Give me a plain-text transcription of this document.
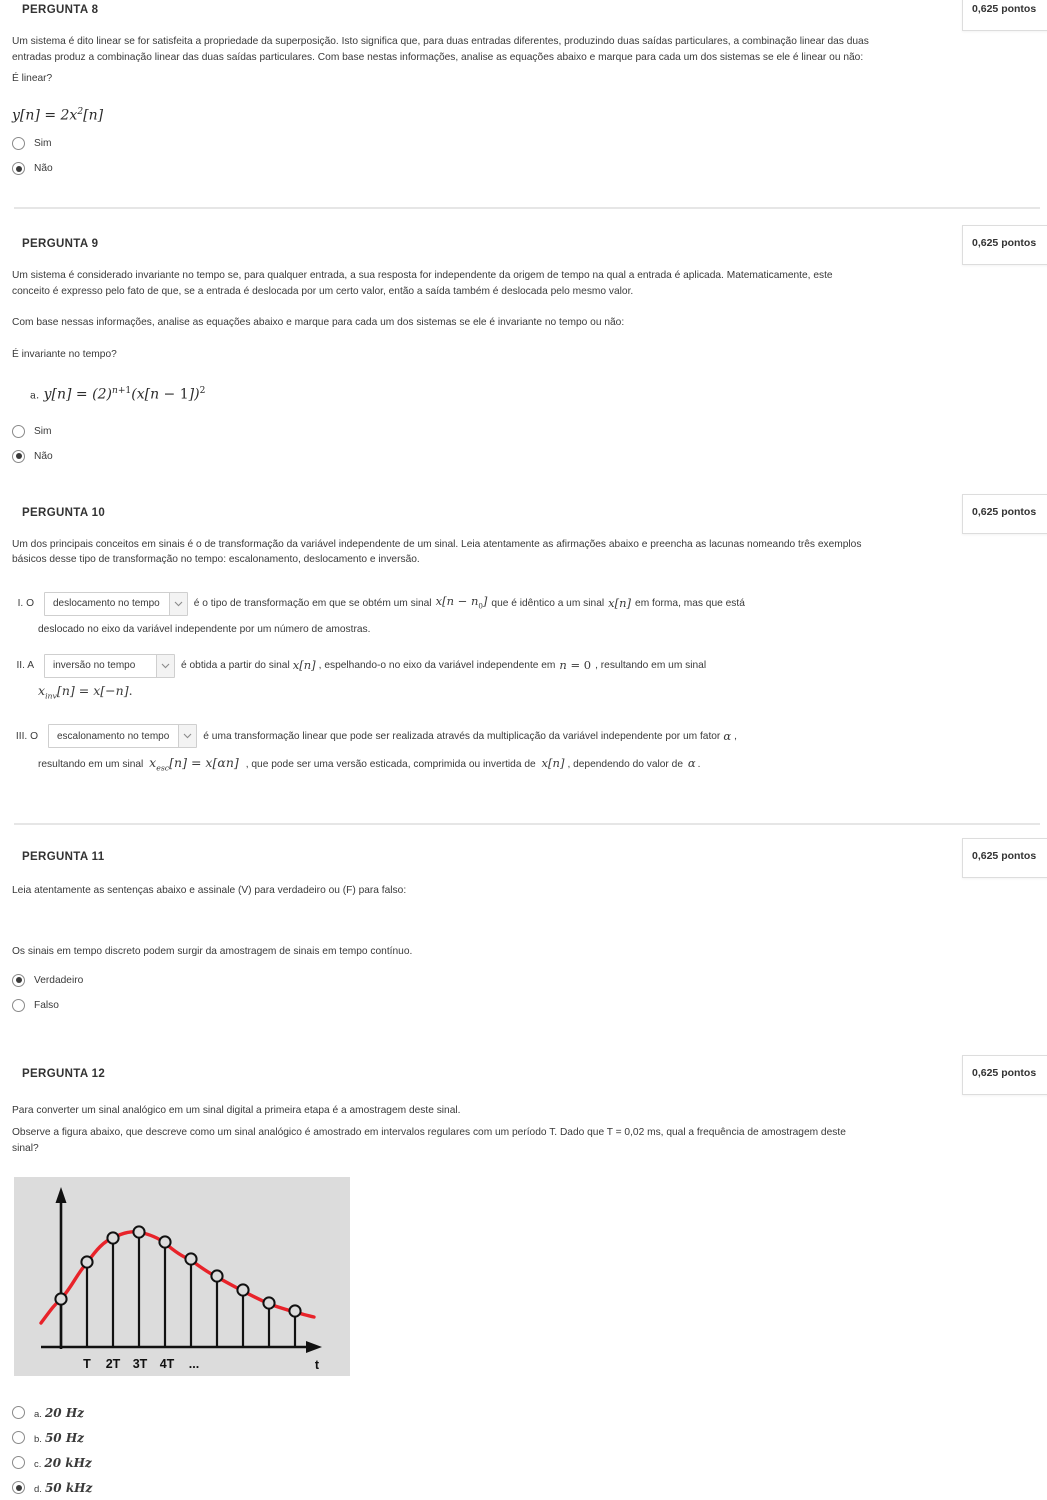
PERGUNTA 8	0,625 pontos
Um sistema é dito linear se for satisfeita a propriedade da superposição. Isto significa que, para duas entradas diferentes, produzindo duas saídas particulares, a combinação linear das duas entradas produz a combinação linear das duas saídas particulares. Com base nestas informações, analise as equações abaixo e marque para cada um dos sistemas se ele é linear ou não:
É linear?
$y[n] = 2x^2[n]$
Sim
Não
PERGUNTA 9	0,625 pontos
Um sistema é considerado invariante no tempo se, para qualquer entrada, a sua resposta for independente da origem de tempo na qual a entrada é aplicada. Matematicamente, este conceito é expresso pelo fato de que, se a entrada é deslocada por um certo valor, então a saída também é deslocada pelo mesmo valor.
Com base nessas informações, analise as equações abaixo e marque para cada um dos sistemas se ele é invariante no tempo ou não:
É invariante no tempo?
a. $y[n] = (2)^{n+1}(x[n - 1])^2$
Sim
Não
PERGUNTA 10	0,625 pontos
Um dos principais conceitos em sinais é o de transformação da variável independente de um sinal. Leia atentamente as afirmações abaixo e preencha as lacunas nomeando três exemplos básicos desse tipo de transformação no tempo: escalonamento, deslocamento e inversão.
I. O	deslocamento no tempo	é o tipo de transformação em que se obtém um sinal $x[n - n_0]$ que é idêntico a um sinal x[n] em forma, mas que está
deslocado no eixo da variável independente por um número de amostras.
II. A	inversão no tempo	é obtida a partir do sinal x[n] , espelhando-o no eixo da variável independente em n = 0 , resultando em um sinal
$x_{inv}[n] = x[-n]$.
III. O	escalonamento no tempo	é uma transformação linear que pode ser realizada através da multiplicação da variável independente por um fator α ,
resultando em um sinal $x_{esc}[n] = x[\alpha n]$ , que pode ser uma versão esticada, comprimida ou invertida de x[n] , dependendo do valor de α .
PERGUNTA 11	0,625 pontos
Leia atentamente as sentenças abaixo e assinale (V) para verdadeiro ou (F) para falso:
Os sinais em tempo discreto podem surgir da amostragem de sinais em tempo contínuo.
Verdadeiro
Falso
PERGUNTA 12	0,625 pontos
Para converter um sinal analógico em um sinal digital a primeira etapa é a amostragem deste sinal.
Observe a figura abaixo, que descreve como um sinal analógico é amostrado em intervalos regulares com um período T. Dado que T = 0,02 ms, qual a frequência de amostragem deste sinal?
T 2T 3T 4T ...	t
a. 20 Hz
b. 50 Hz
c. 20 kHz
d. 50 kHz
